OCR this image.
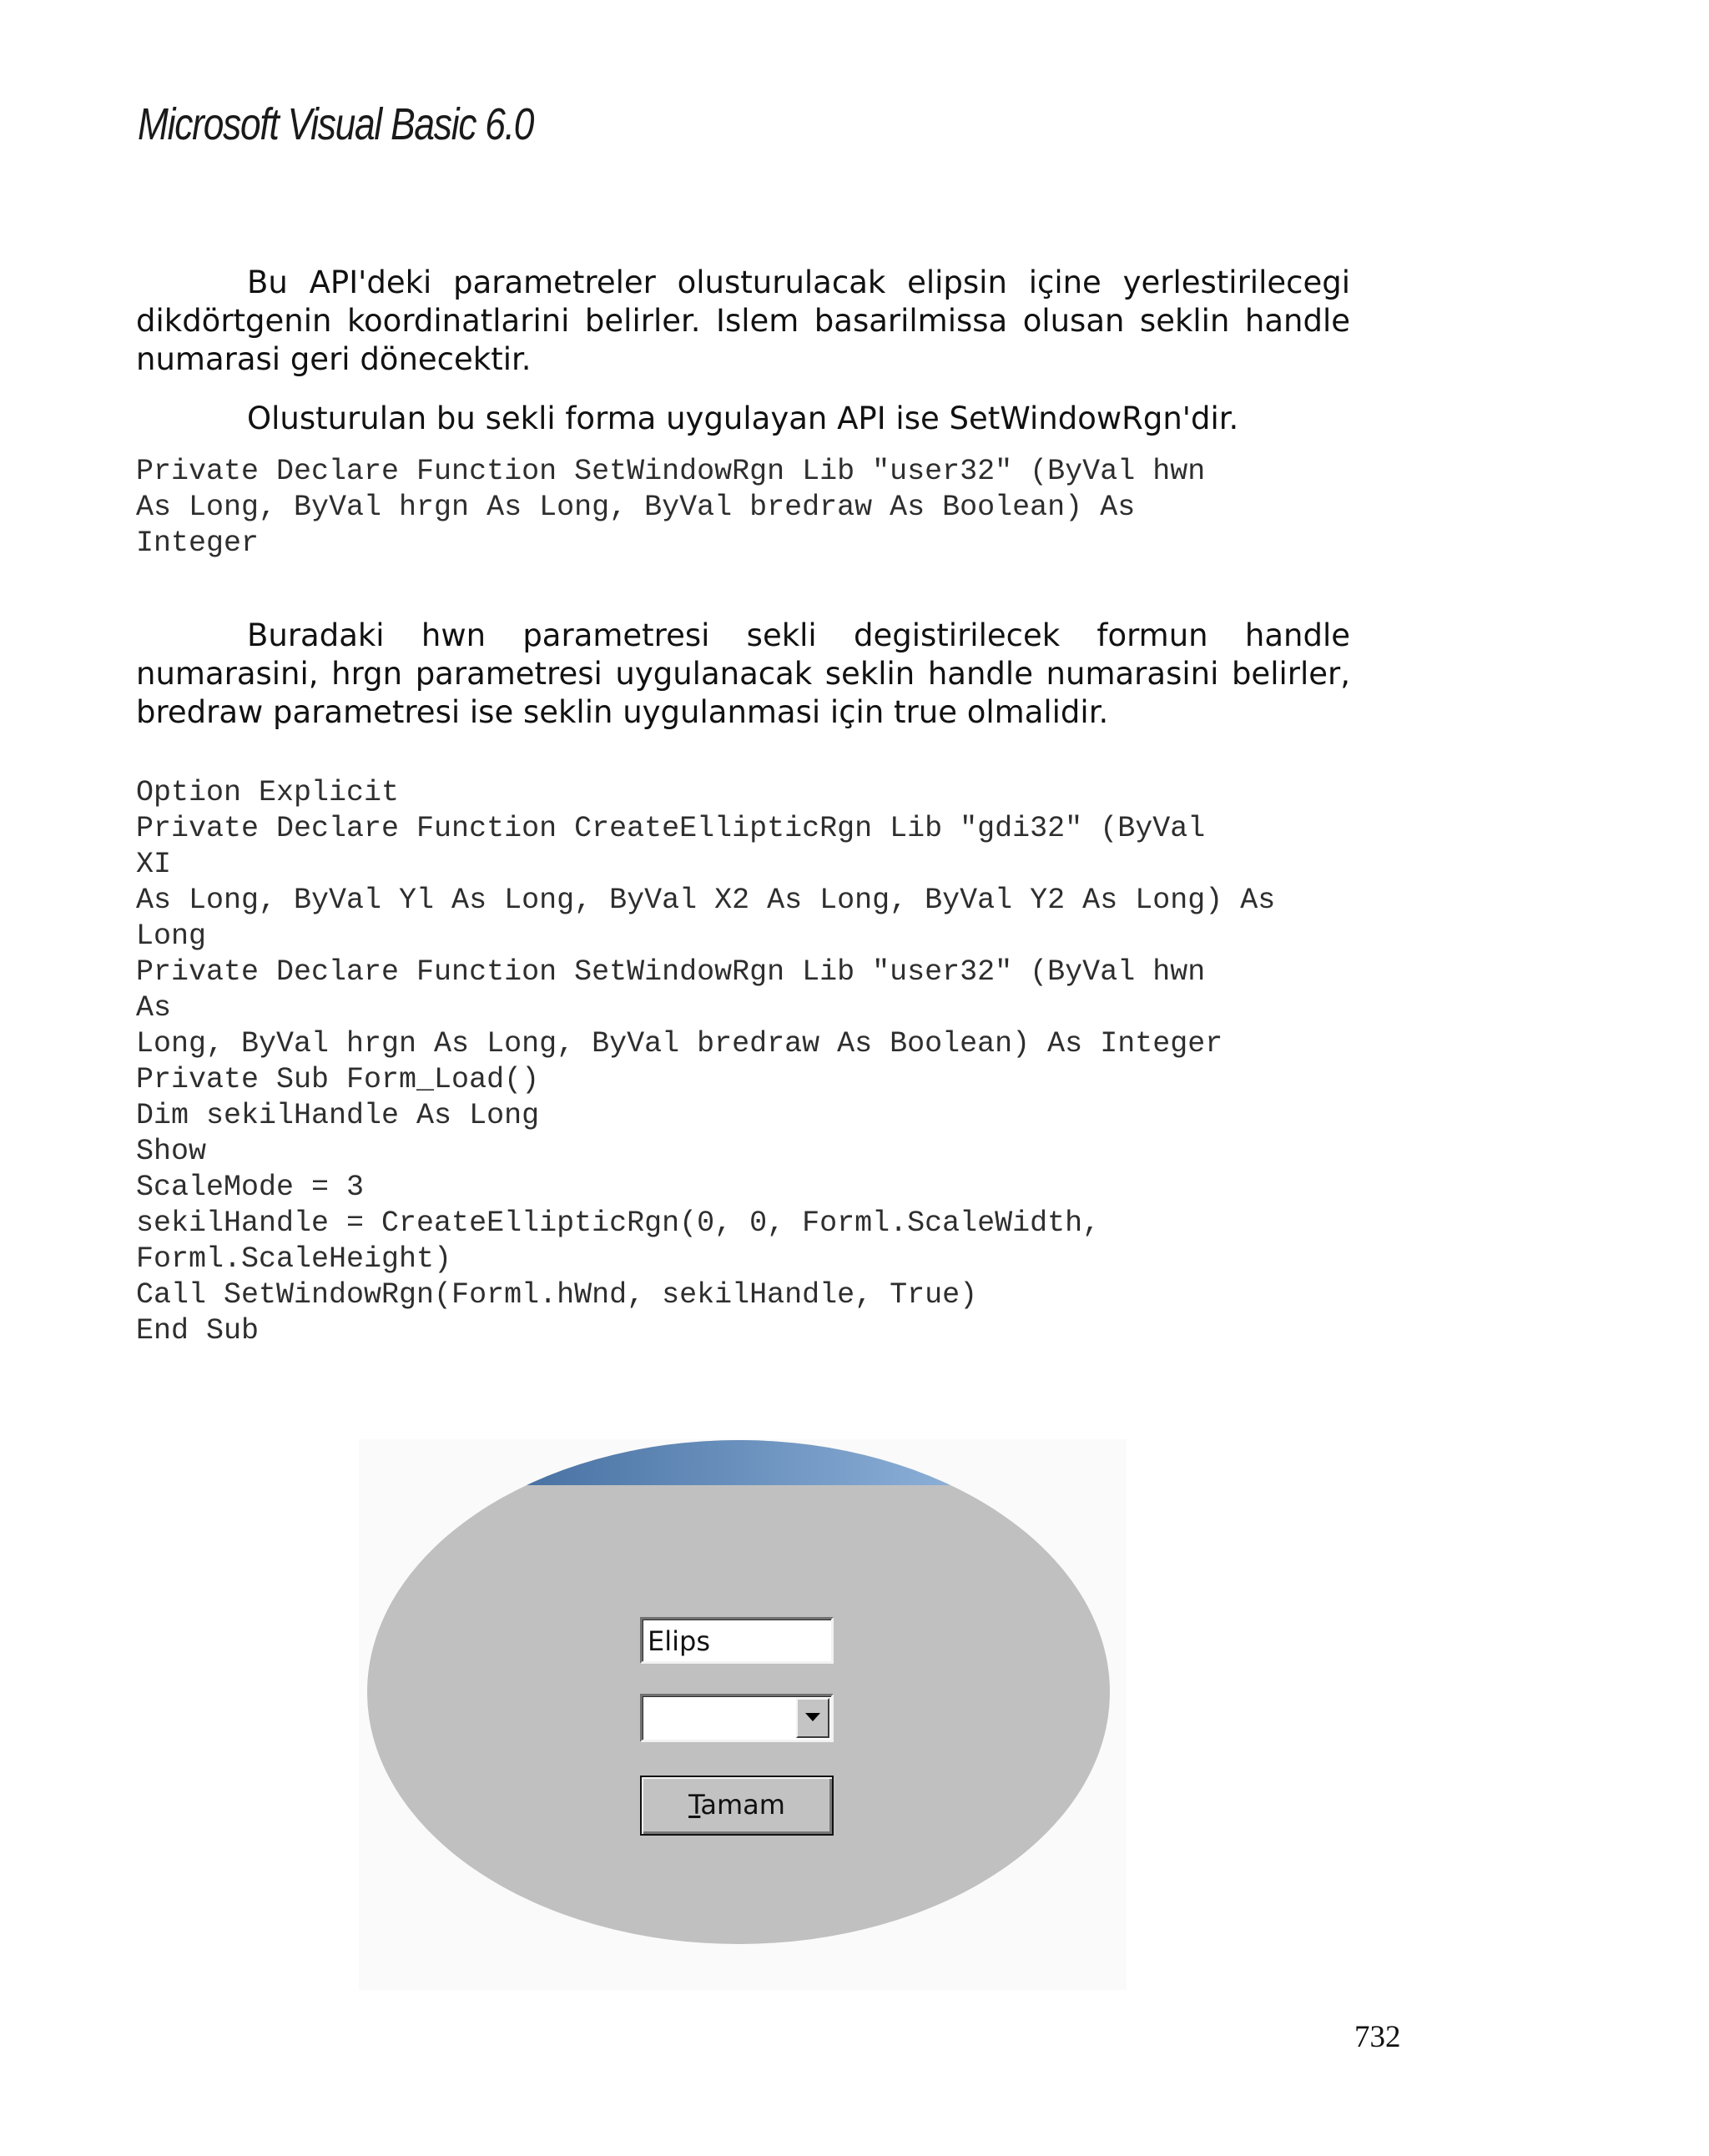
Microsoft Visual Basic 6.0
Bu API'deki parametreler olusturulacak elipsin içine yerlestirilecegi dikdörtgenin koordinatlarini belirler. Islem basarilmissa olusan seklin handle numarasi geri dönecektir.
Olusturulan bu sekli forma uygulayan API ise SetWindowRgn'dir.
Private Declare Function SetWindowRgn Lib "user32" (ByVal hwn
As Long, ByVal hrgn As Long, ByVal bredraw As Boolean) As
Integer
Buradaki hwn parametresi sekli degistirilecek formun handle numarasini, hrgn parametresi uygulanacak seklin handle numarasini belirler, bredraw parametresi ise seklin uygulanmasi için true olmalidir.
Option Explicit
Private Declare Function CreateEllipticRgn Lib "gdi32" (ByVal
XI
As Long, ByVal Yl As Long, ByVal X2 As Long, ByVal Y2 As Long) As
Long
Private Declare Function SetWindowRgn Lib "user32" (ByVal hwn
As
Long, ByVal hrgn As Long, ByVal bredraw As Boolean) As Integer
Private Sub Form_Load()
Dim sekilHandle As Long
Show
ScaleMode = 3
sekilHandle = CreateEllipticRgn(0, 0, Forml.ScaleWidth,
Forml.ScaleHeight)
Call SetWindowRgn(Forml.hWnd, sekilHandle, True)
End Sub
Elips
Tamam
732
